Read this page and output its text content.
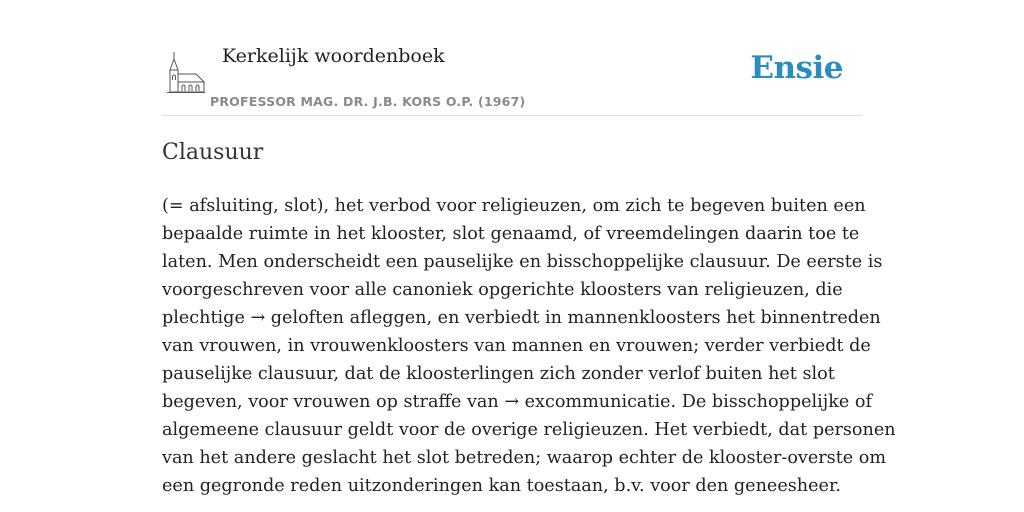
Kerkelijk woordenboek
PROFESSOR MAG. DR. J.B. KORS O.P. (1967)
Ensie
Clausuur
(= afsluiting, slot), het verbod voor religieuzen, om zich te begeven buiten een
bepaalde ruimte in het klooster, slot genaamd, of vreemdelingen daarin toe te
laten. Men onderscheidt een pauselijke en bisschoppelijke clausuur. De eerste is
voorgeschreven voor alle canoniek opgerichte kloosters van religieuzen, die
plechtige → geloften afleggen, en verbiedt in mannenkloosters het binnentreden
van vrouwen, in vrouwenkloosters van mannen en vrouwen; verder verbiedt de
pauselijke clausuur, dat de kloosterlingen zich zonder verlof buiten het slot
begeven, voor vrouwen op straffe van → excommunicatie. De bisschoppelijke of
algemeene clausuur geldt voor de overige religieuzen. Het verbiedt, dat personen
van het andere geslacht het slot betreden; waarop echter de klooster-overste om
een gegronde reden uitzonderingen kan toestaan, b.v. voor den geneesheer.
